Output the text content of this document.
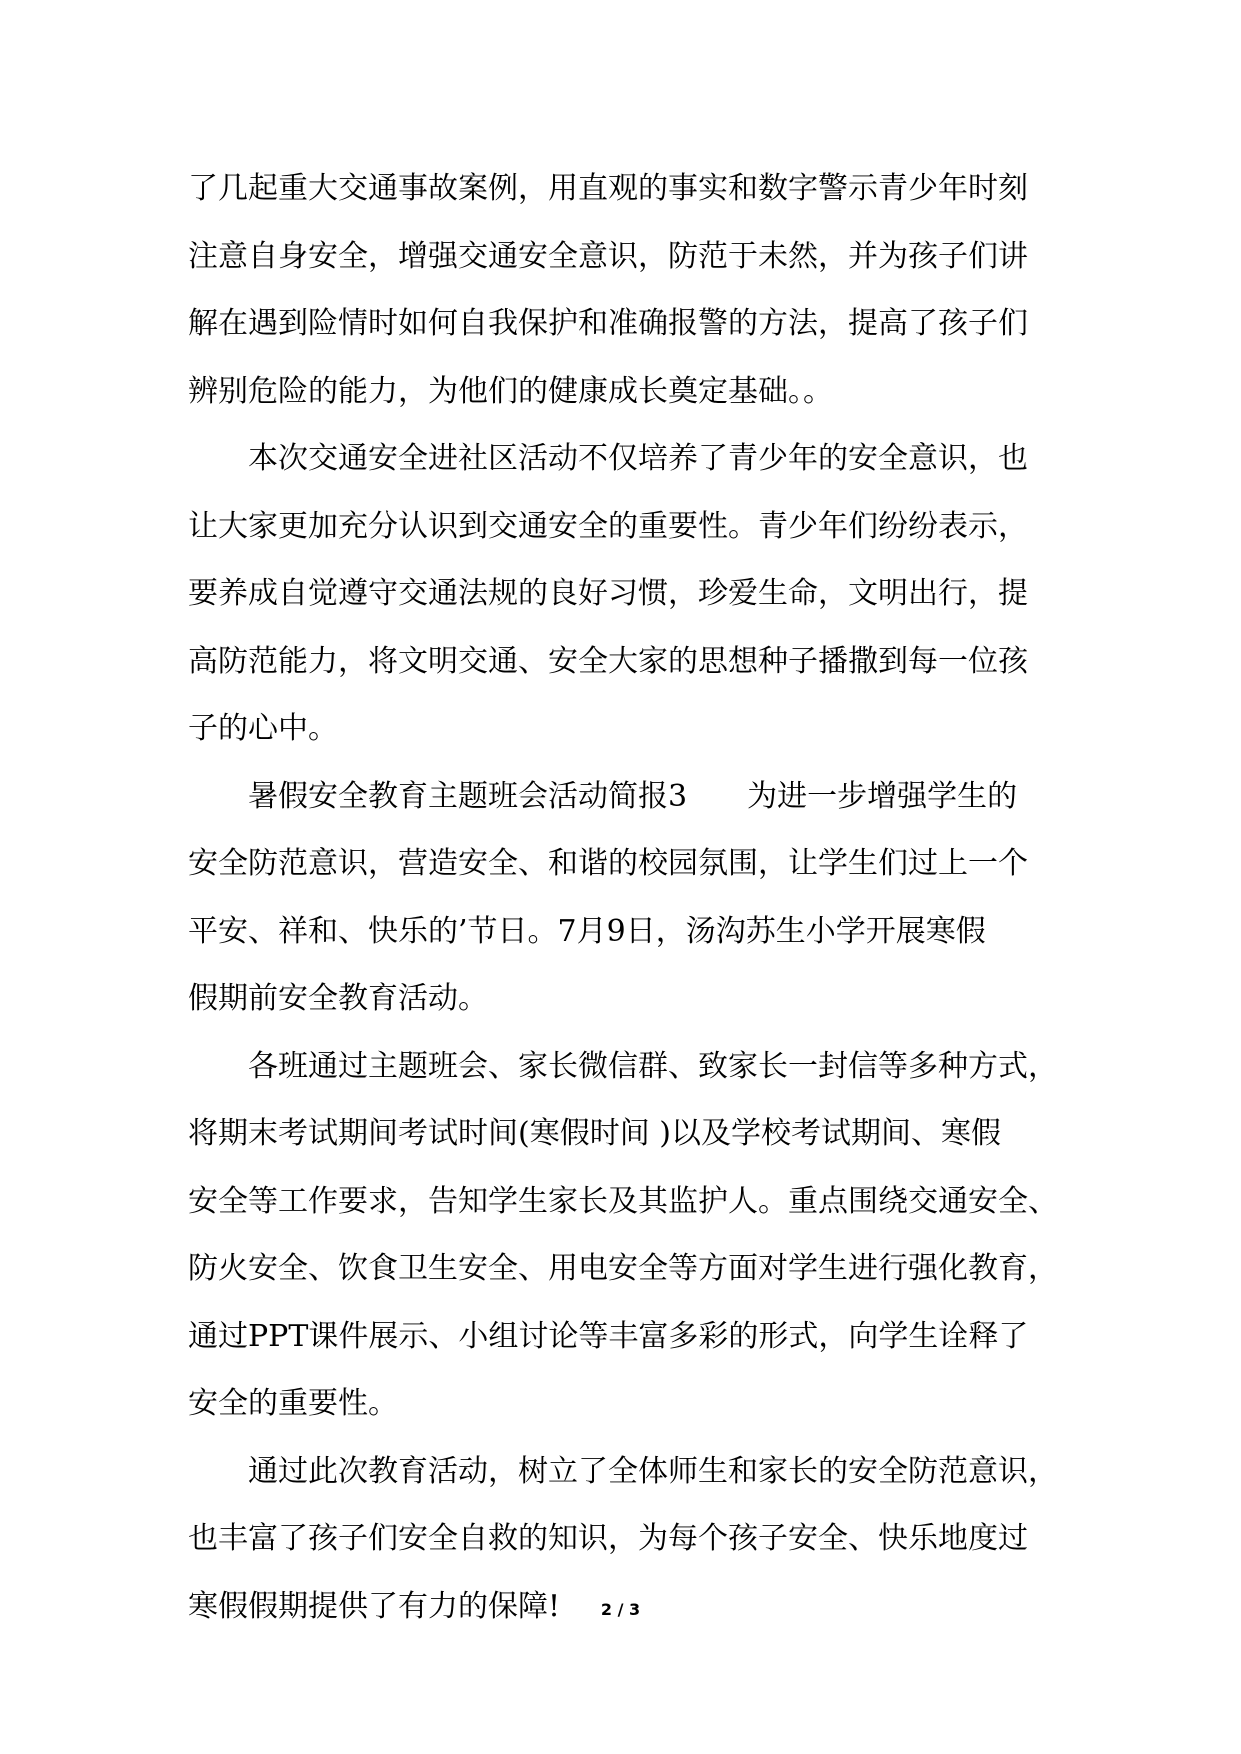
了几起重大交通事故案例，用直观的事实和数字警示青少年时刻
注意自身安全，增强交通安全意识，防范于未然，并为孩子们讲
解在遇到险情时如何自我保护和准确报警的方法，提高了孩子们
辨别危险的能力，为他们的健康成长奠定基础。。
本次交通安全进社区活动不仅培养了青少年的安全意识，也
让大家更加充分认识到交通安全的重要性。青少年们纷纷表示，
要养成自觉遵守交通法规的良好习惯，珍爱生命，文明出行，提
高防范能力，将文明交通、安全大家的思想种子播撒到每一位孩
子的心中。
暑假安全教育主题班会活动简报3　　为进一步增强学生的
安全防范意识，营造安全、和谐的校园氛围，让学生们过上一个
平安、祥和、快乐的’节日。7月9日，汤沟苏生小学开展寒假
假期前安全教育活动。
各班通过主题班会、家长微信群、致家长一封信等多种方式，
将期末考试期间考试时间(寒假时间 )以及学校考试期间、寒假
安全等工作要求，告知学生家长及其监护人。重点围绕交通安全、
防火安全、饮食卫生安全、用电安全等方面对学生进行强化教育，
通过PPT课件展示、小组讨论等丰富多彩的形式，向学生诠释了
安全的重要性。
通过此次教育活动，树立了全体师生和家长的安全防范意识，
也丰富了孩子们安全自救的知识，为每个孩子安全、快乐地度过
寒假假期提供了有力的保障!	2 / 3
